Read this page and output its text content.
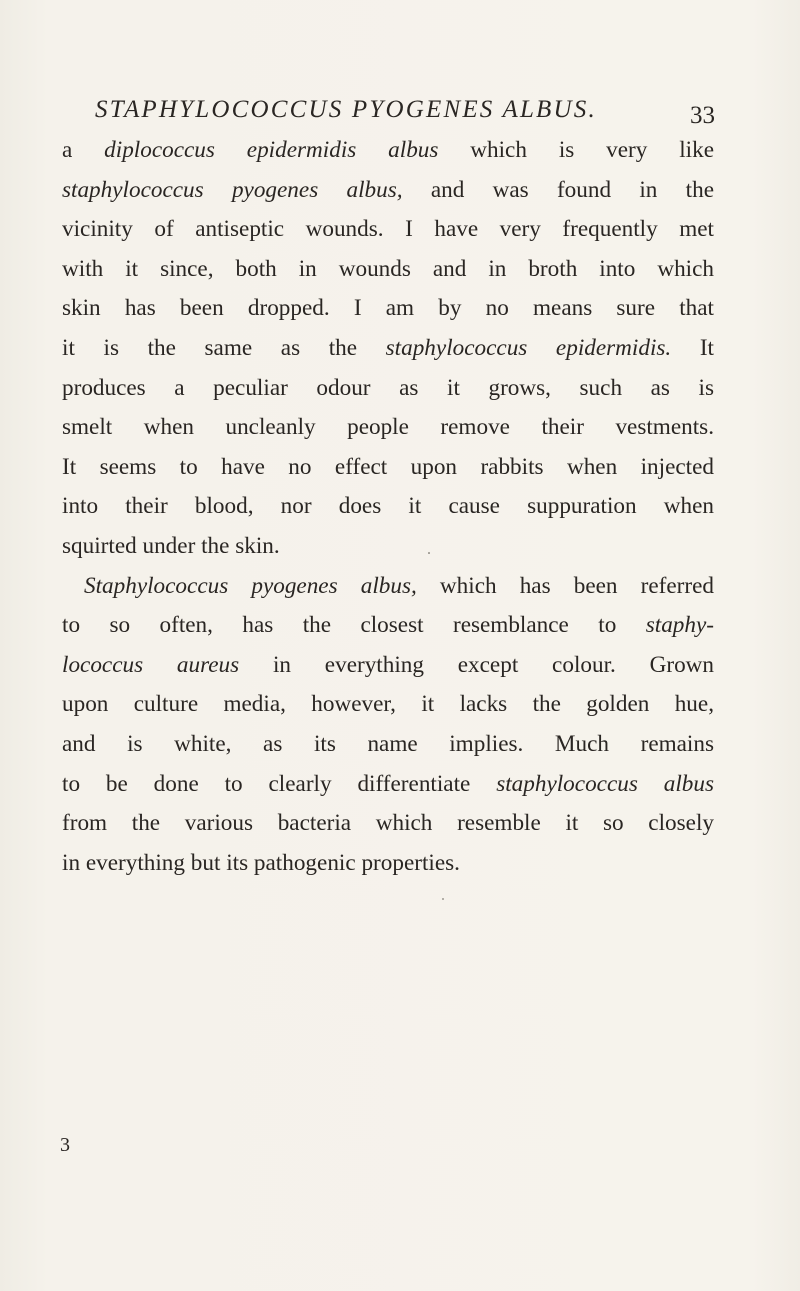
STAPHYLOCOCCUS PYOGENES ALBUS.	33
a diplococcus epidermidis albus which is very like
staphylococcus pyogenes albus, and was found in the
vicinity of antiseptic wounds. I have very frequently met
with it since, both in wounds and in broth into which
skin has been dropped. I am by no means sure that
it is the same as the staphylococcus epidermidis. It
produces a peculiar odour as it grows, such as is
smelt when uncleanly people remove their vestments.
It seems to have no effect upon rabbits when injected
into their blood, nor does it cause suppuration when
squirted under the skin.
Staphylococcus pyogenes albus, which has been referred
to so often, has the closest resemblance to staphy-
lococcus aureus in everything except colour. Grown
upon culture media, however, it lacks the golden hue,
and is white, as its name implies. Much remains
to be done to clearly differentiate staphylococcus albus
from the various bacteria which resemble it so closely
in everything but its pathogenic properties.
3
